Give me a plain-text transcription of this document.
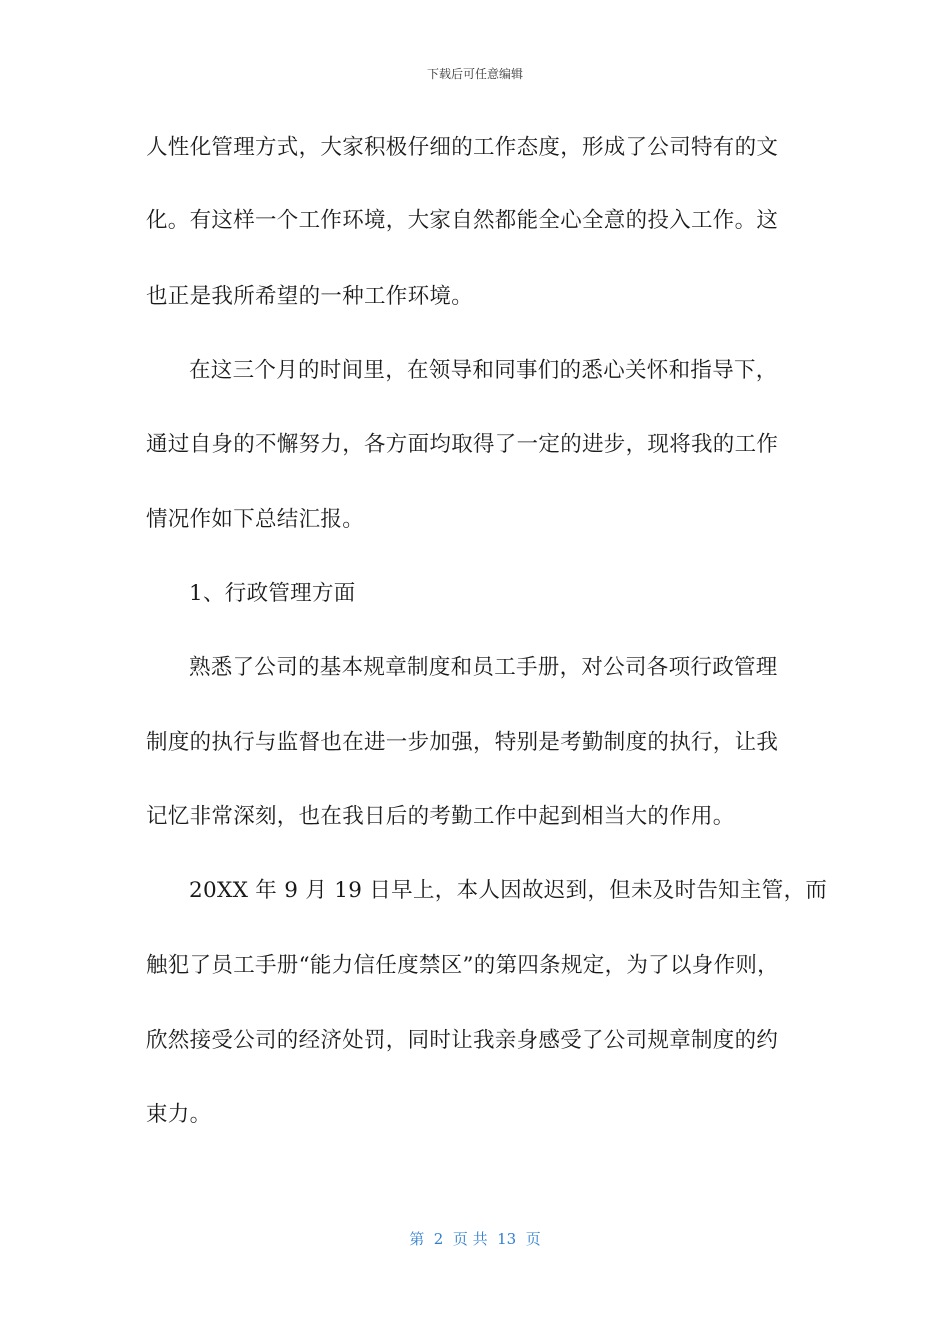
下载后可任意编辑
人性化管理方式，大家积极仔细的工作态度，形成了公司特有的文
化。有这样一个工作环境，大家自然都能全心全意的投入工作。这
也正是我所希望的一种工作环境。
在这三个月的时间里，在领导和同事们的悉心关怀和指导下，
通过自身的不懈努力，各方面均取得了一定的进步，现将我的工作
情况作如下总结汇报。
1、行政管理方面
熟悉了公司的基本规章制度和员工手册，对公司各项行政管理
制度的执行与监督也在进一步加强，特别是考勤制度的执行，让我
记忆非常深刻，也在我日后的考勤工作中起到相当大的作用。
20XX 年 9 月 19 日早上，本人因故迟到，但未及时告知主管，而
触犯了员工手册“能力信任度禁区”的第四条规定，为了以身作则，
欣然接受公司的经济处罚，同时让我亲身感受了公司规章制度的约
束力。
第  2  页 共  13  页
